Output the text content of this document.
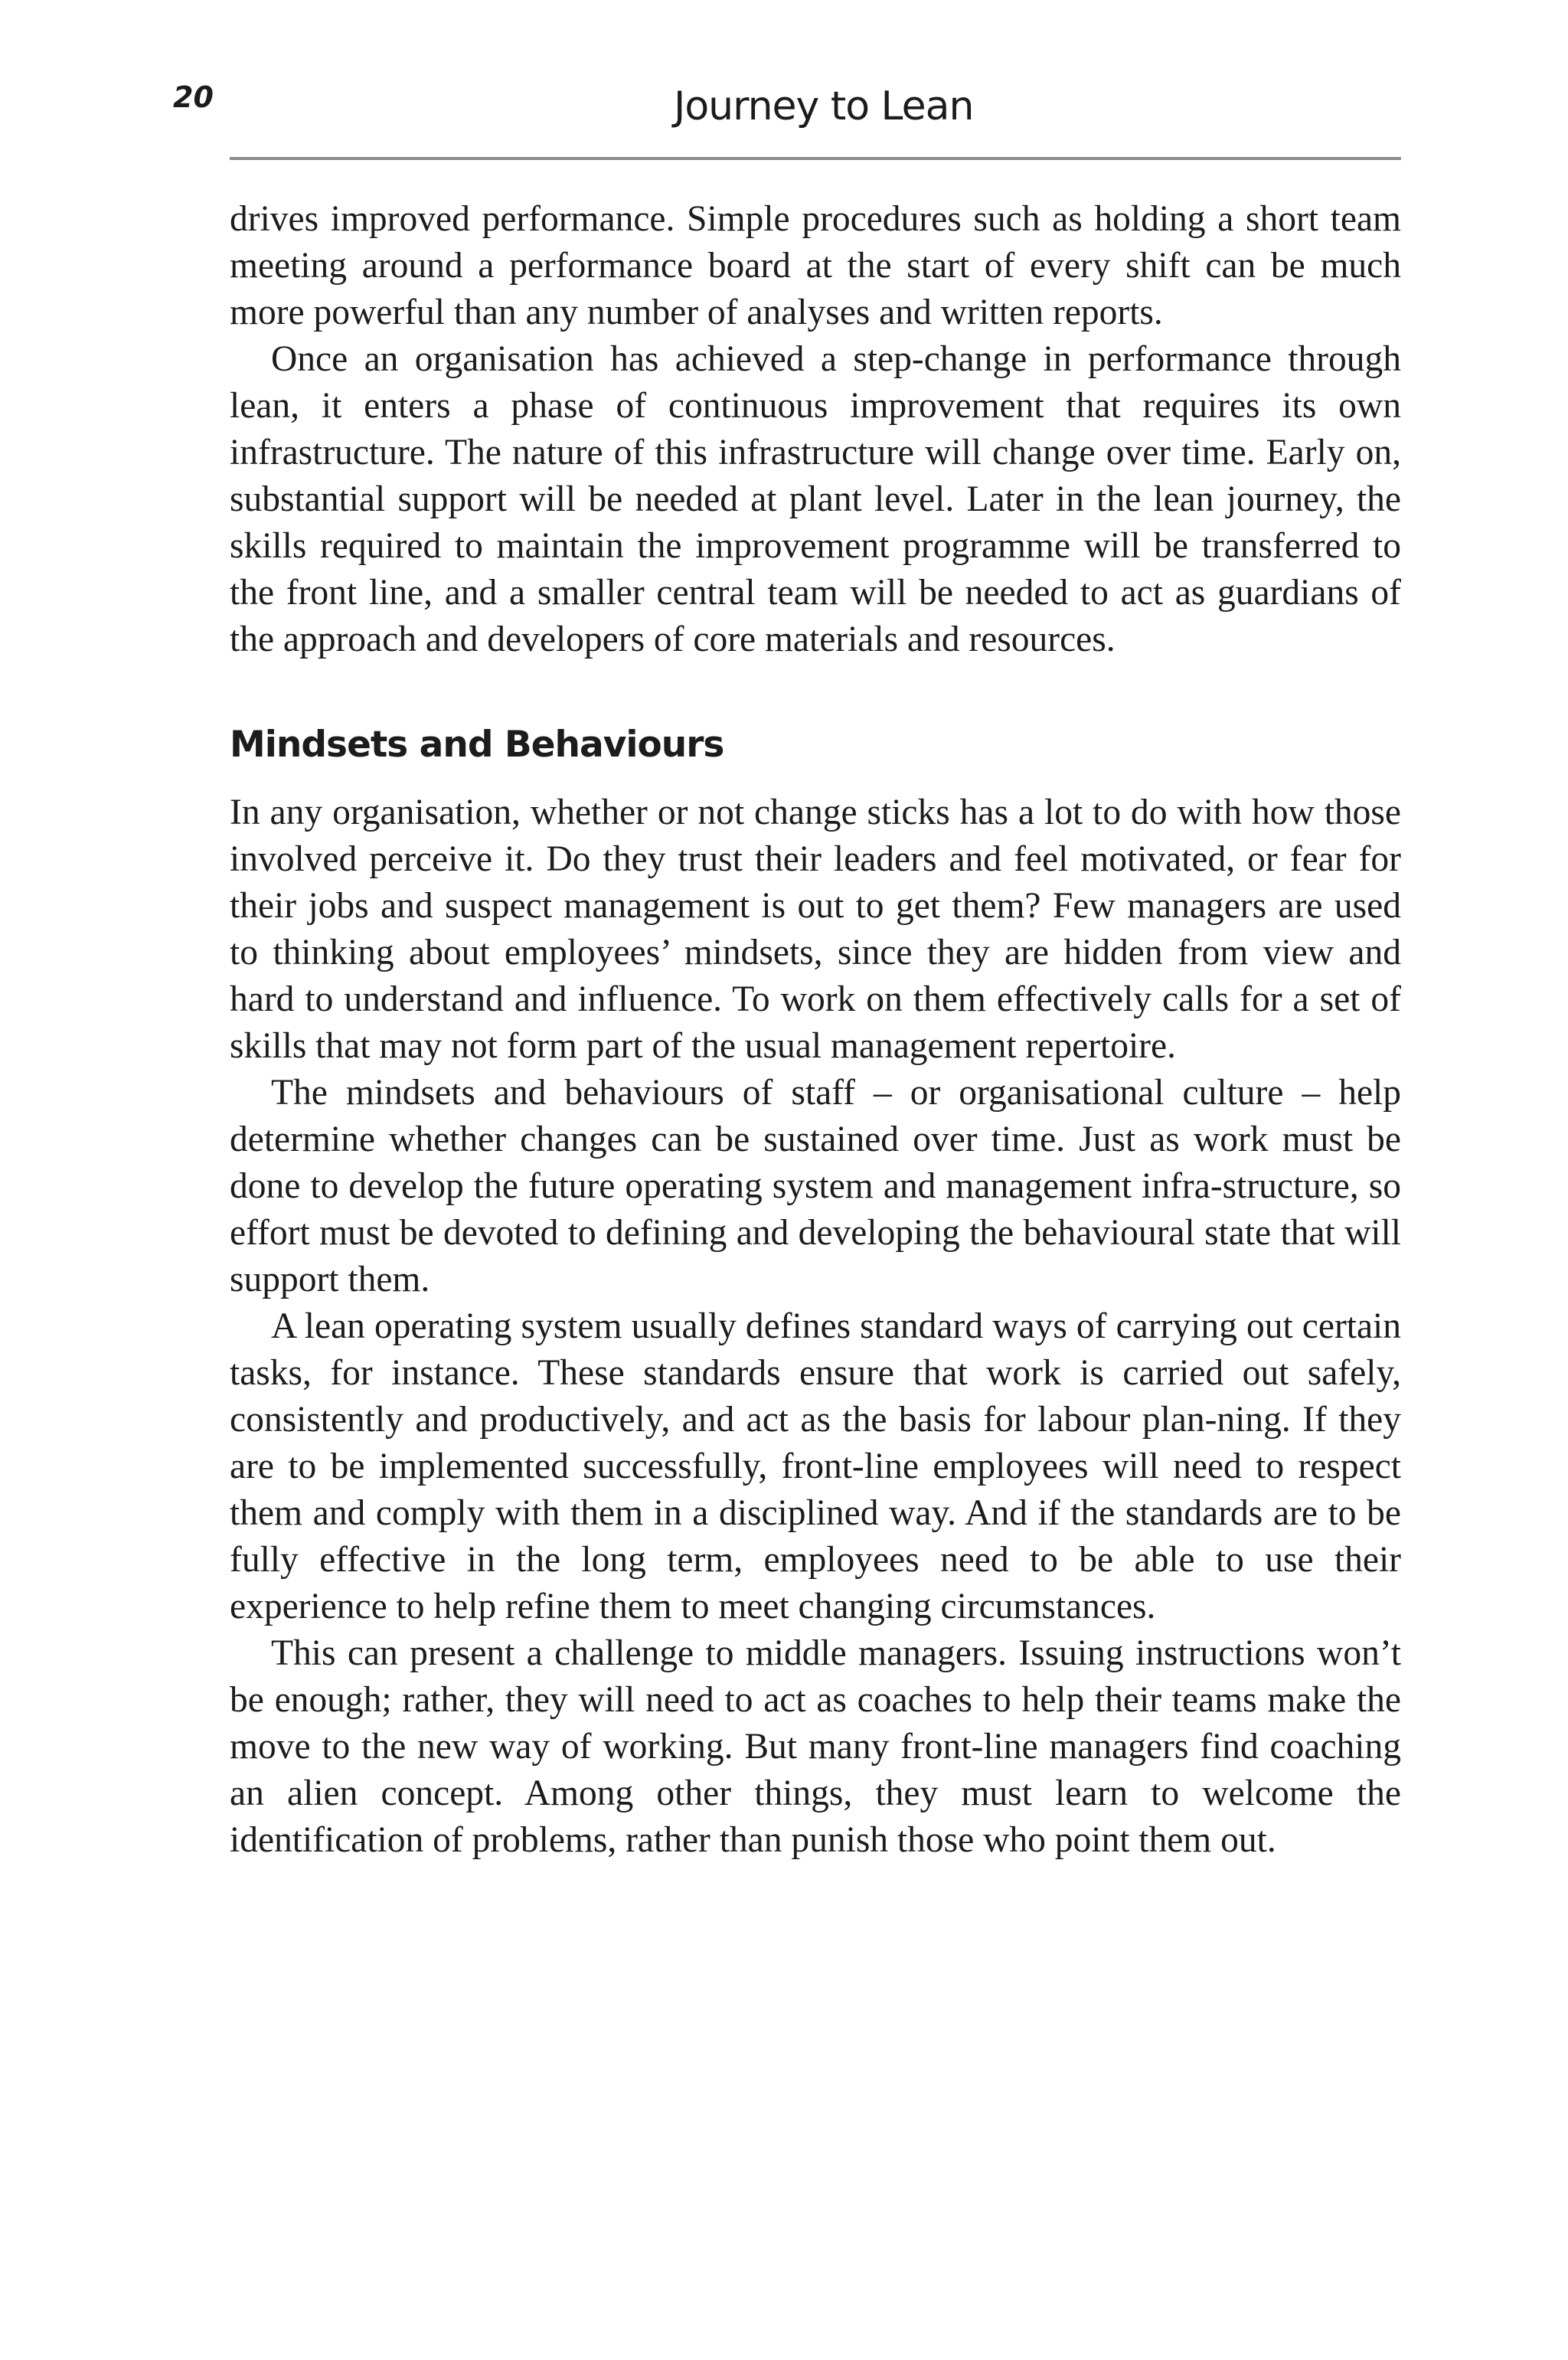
20	Journey to Lean

drives improved performance. Simple procedures such as holding a short team meeting around a performance board at the start of every shift can be much more powerful than any number of analyses and written reports.

Once an organisation has achieved a step-change in performance through lean, it enters a phase of continuous improvement that requires its own infrastructure. The nature of this infrastructure will change over time. Early on, substantial support will be needed at plant level. Later in the lean journey, the skills required to maintain the improvement programme will be transferred to the front line, and a smaller central team will be needed to act as guardians of the approach and developers of core materials and resources.

Mindsets and Behaviours

In any organisation, whether or not change sticks has a lot to do with how those involved perceive it. Do they trust their leaders and feel motivated, or fear for their jobs and suspect management is out to get them? Few managers are used to thinking about employees’ mindsets, since they are hidden from view and hard to understand and influence. To work on them effectively calls for a set of skills that may not form part of the usual management repertoire.

The mindsets and behaviours of staff – or organisational culture – help determine whether changes can be sustained over time. Just as work must be done to develop the future operating system and management infra-structure, so effort must be devoted to defining and developing the behavioural state that will support them.

A lean operating system usually defines standard ways of carrying out certain tasks, for instance. These standards ensure that work is carried out safely, consistently and productively, and act as the basis for labour plan-ning. If they are to be implemented successfully, front-line employees will need to respect them and comply with them in a disciplined way. And if the standards are to be fully effective in the long term, employees need to be able to use their experience to help refine them to meet changing circumstances.

This can present a challenge to middle managers. Issuing instructions won’t be enough; rather, they will need to act as coaches to help their teams make the move to the new way of working. But many front-line managers find coaching an alien concept. Among other things, they must learn to welcome the identification of problems, rather than punish those who point them out.
